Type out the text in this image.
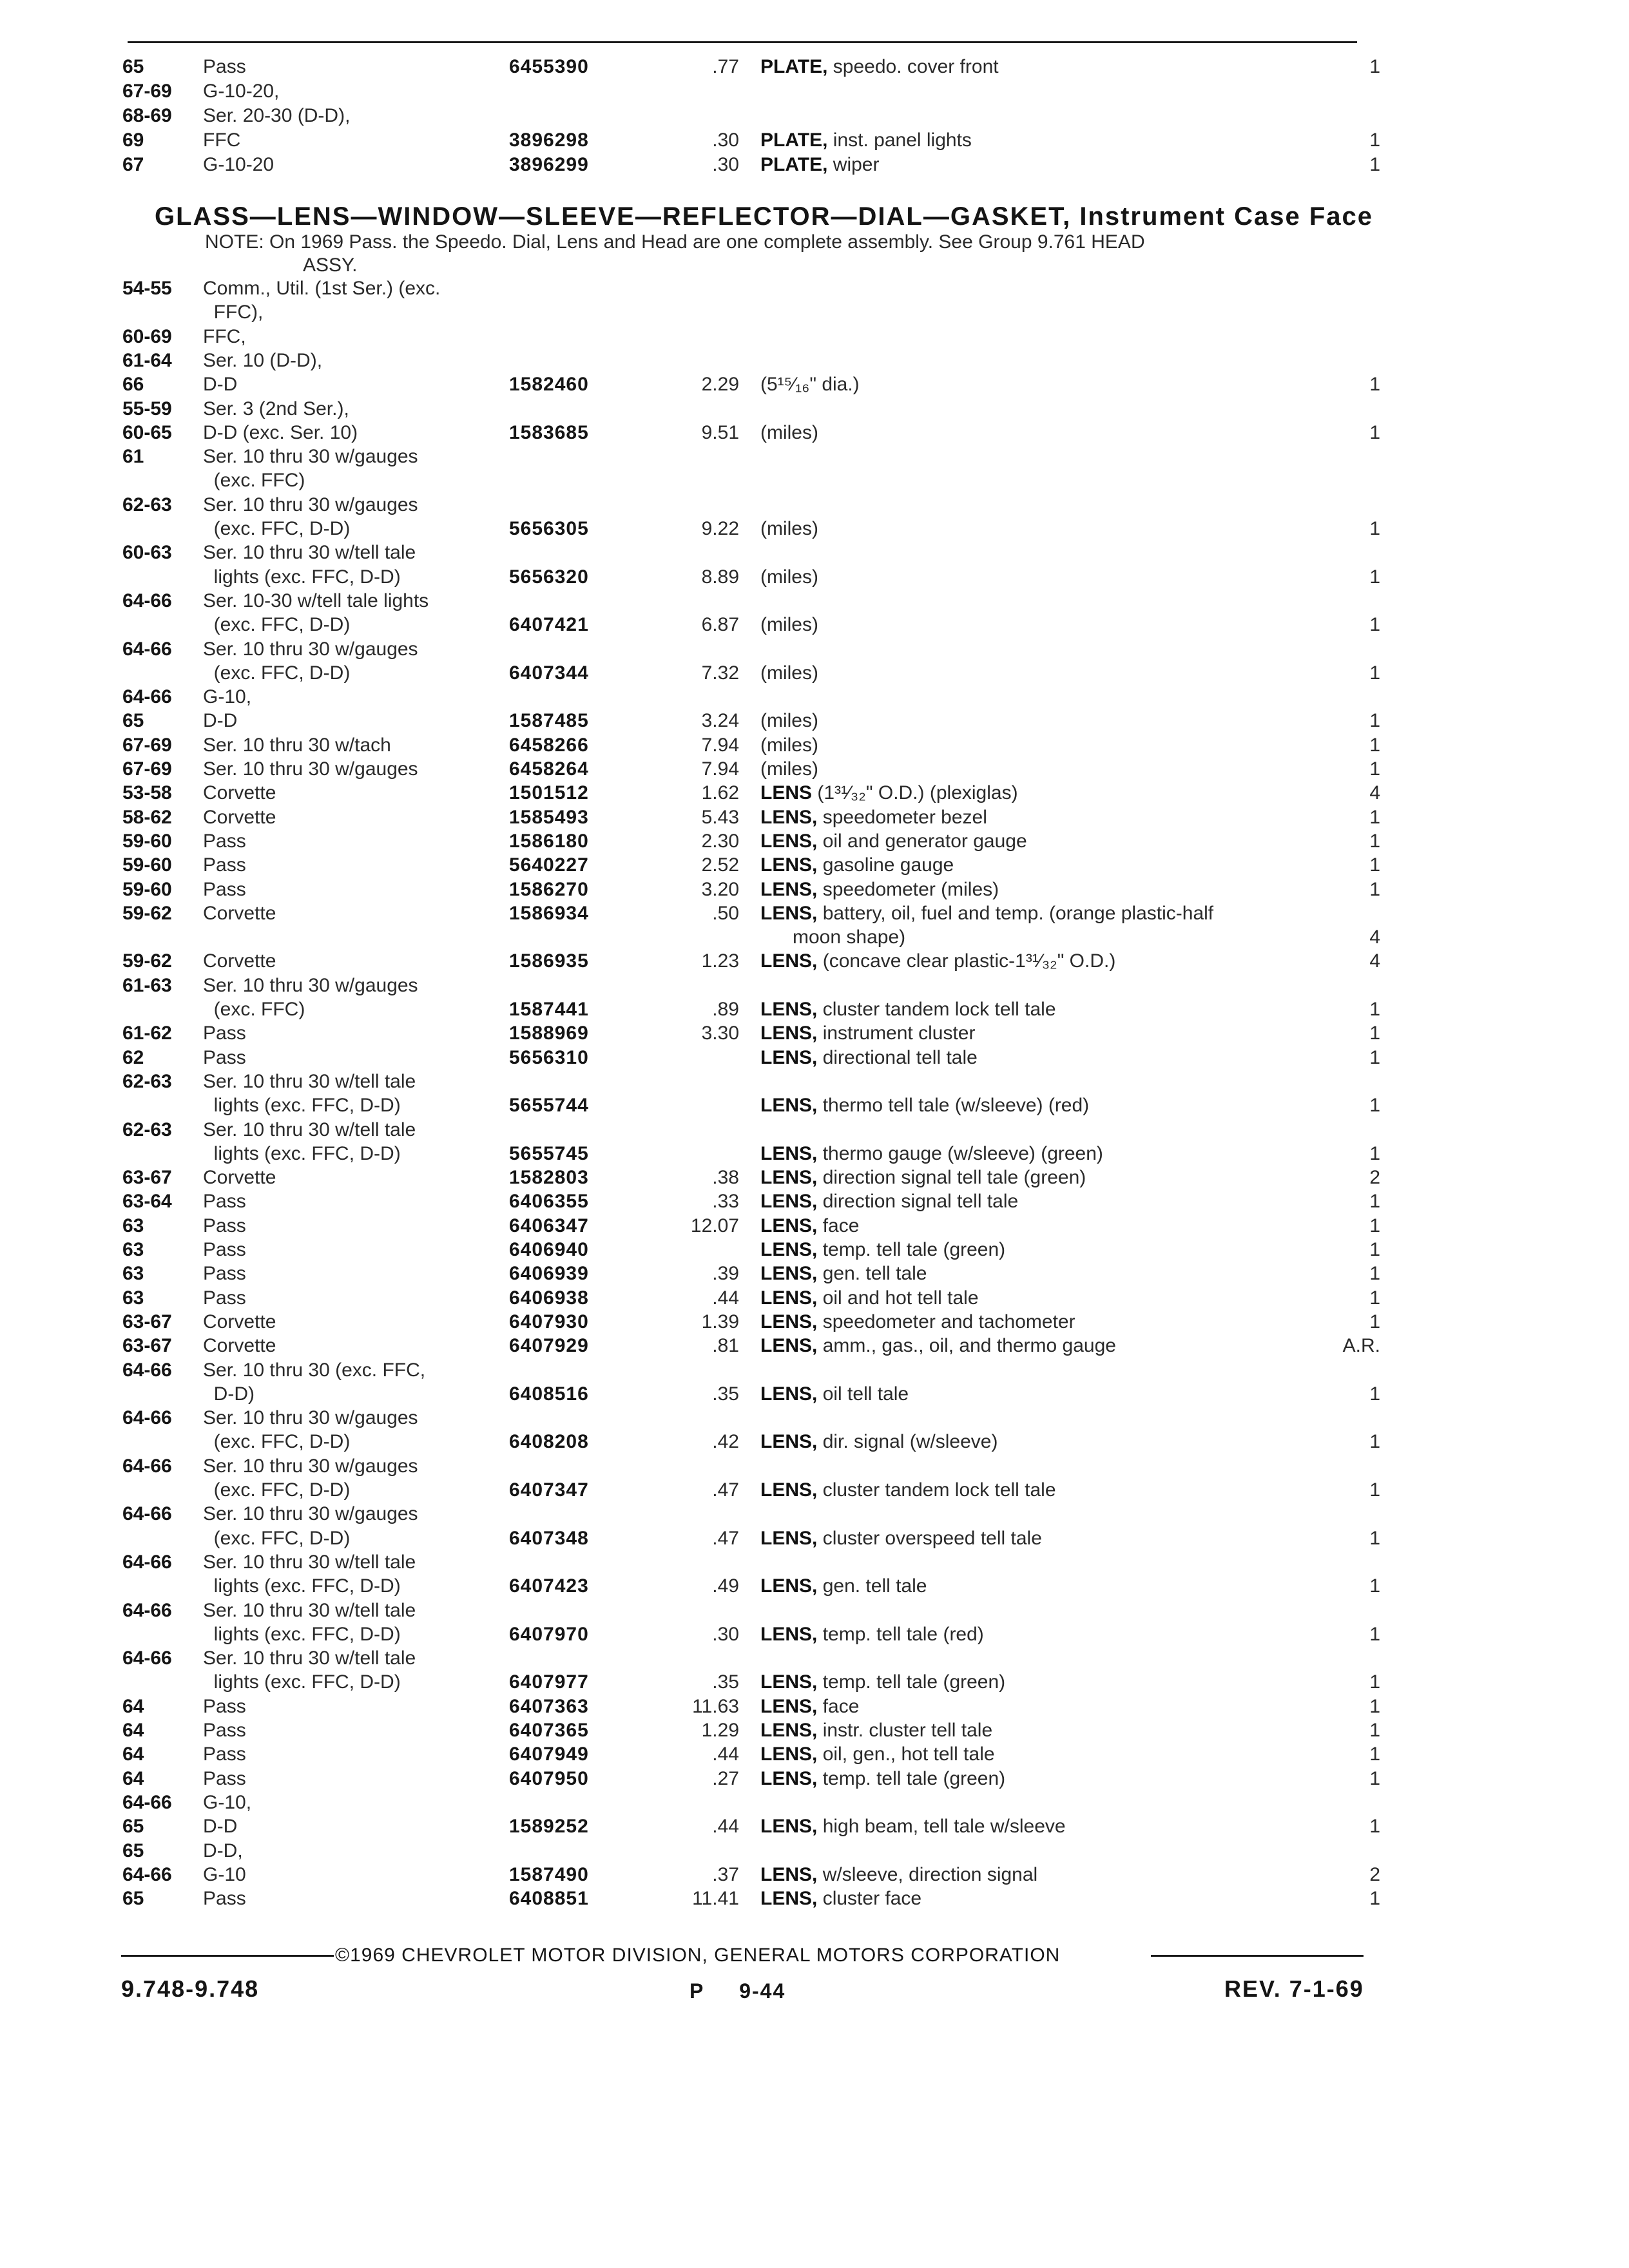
65	Pass	6455390	.77 PLATE, speedo. cover front	1
67-69 G-10-20,
68-69 Ser. 20-30 (D-D),
69	FFC	3896298	.30 PLATE, inst. panel lights	1
67	G-10-20	3896299	.30 PLATE, wiper	1
GLASS—LENS—WINDOW—SLEEVE—REFLECTOR—DIAL—GASKET, Instrument Case Face
NOTE: On 1969 Pass. the Speedo. Dial, Lens and Head are one complete assembly. See Group 9.761 HEAD
ASSY.
54-55 Comm., Util. (1st Ser.) (exc.
FFC),
60-69 FFC,
61-64 Ser. 10 (D-D),
66	D-D	1582460	2.29 (5¹⁵⁄₁₆" dia.)	1
55-59 Ser. 3 (2nd Ser.),
60-65 D-D (exc. Ser. 10)	1583685	9.51 (miles)	1
61	Ser. 10 thru 30 w/gauges
(exc. FFC)
62-63 Ser. 10 thru 30 w/gauges
(exc. FFC, D-D)	5656305	9.22 (miles)	1
60-63 Ser. 10 thru 30 w/tell tale
lights (exc. FFC, D-D)	5656320	8.89 (miles)	1
64-66 Ser. 10-30 w/tell tale lights
(exc. FFC, D-D)	6407421	6.87 (miles)	1
64-66 Ser. 10 thru 30 w/gauges
(exc. FFC, D-D)	6407344	7.32 (miles)	1
64-66 G-10,
65	D-D	1587485	3.24 (miles)	1
67-69 Ser. 10 thru 30 w/tach	6458266	7.94 (miles)	1
67-69 Ser. 10 thru 30 w/gauges	6458264	7.94 (miles)	1
53-58 Corvette	1501512	1.62 LENS (1³¹⁄₃₂" O.D.) (plexiglas)	4
58-62 Corvette	1585493	5.43 LENS, speedometer bezel	1
59-60 Pass	1586180	2.30 LENS, oil and generator gauge	1
59-60 Pass	5640227	2.52 LENS, gasoline gauge	1
59-60 Pass	1586270	3.20 LENS, speedometer (miles)	1
59-62 Corvette	1586934	.50 LENS, battery, oil, fuel and temp. (orange plastic-half
moon shape)	4
59-62 Corvette	1586935	1.23 LENS, (concave clear plastic-1³¹⁄₃₂" O.D.)	4
61-63 Ser. 10 thru 30 w/gauges
(exc. FFC)	1587441	.89 LENS, cluster tandem lock tell tale	1
61-62 Pass	1588969	3.30 LENS, instrument cluster	1
62	Pass	5656310	LENS, directional tell tale	1
62-63 Ser. 10 thru 30 w/tell tale
lights (exc. FFC, D-D)	5655744	LENS, thermo tell tale (w/sleeve) (red)	1
62-63 Ser. 10 thru 30 w/tell tale
lights (exc. FFC, D-D)	5655745	LENS, thermo gauge (w/sleeve) (green)	1
63-67 Corvette	1582803	.38 LENS, direction signal tell tale (green)	2
63-64 Pass	6406355	.33 LENS, direction signal tell tale	1
63	Pass	6406347	12.07 LENS, face	1
63	Pass	6406940	LENS, temp. tell tale (green)	1
63	Pass	6406939	.39 LENS, gen. tell tale	1
63	Pass	6406938	.44 LENS, oil and hot tell tale	1
63-67 Corvette	6407930	1.39 LENS, speedometer and tachometer	1
63-67 Corvette	6407929	.81 LENS, amm., gas., oil, and thermo gauge	A.R.
64-66 Ser. 10 thru 30 (exc. FFC,
D-D)	6408516	.35 LENS, oil tell tale	1
64-66 Ser. 10 thru 30 w/gauges
(exc. FFC, D-D)	6408208	.42 LENS, dir. signal (w/sleeve)	1
64-66 Ser. 10 thru 30 w/gauges
(exc. FFC, D-D)	6407347	.47 LENS, cluster tandem lock tell tale	1
64-66 Ser. 10 thru 30 w/gauges
(exc. FFC, D-D)	6407348	.47 LENS, cluster overspeed tell tale	1
64-66 Ser. 10 thru 30 w/tell tale
lights (exc. FFC, D-D)	6407423	.49 LENS, gen. tell tale	1
64-66 Ser. 10 thru 30 w/tell tale
lights (exc. FFC, D-D)	6407970	.30 LENS, temp. tell tale (red)	1
64-66 Ser. 10 thru 30 w/tell tale
lights (exc. FFC, D-D)	6407977	.35 LENS, temp. tell tale (green)	1
64	Pass	6407363	11.63 LENS, face	1
64	Pass	6407365	1.29 LENS, instr. cluster tell tale	1
64	Pass	6407949	.44 LENS, oil, gen., hot tell tale	1
64	Pass	6407950	.27 LENS, temp. tell tale (green)	1
64-66 G-10,
65	D-D	1589252	.44 LENS, high beam, tell tale w/sleeve	1
65	D-D,
64-66 G-10	1587490	.37 LENS, w/sleeve, direction signal	2
65	Pass	6408851	11.41 LENS, cluster face	1
©1969 CHEVROLET MOTOR DIVISION, GENERAL MOTORS CORPORATION
9.748-9.748	P     9-44	REV. 7-1-69
